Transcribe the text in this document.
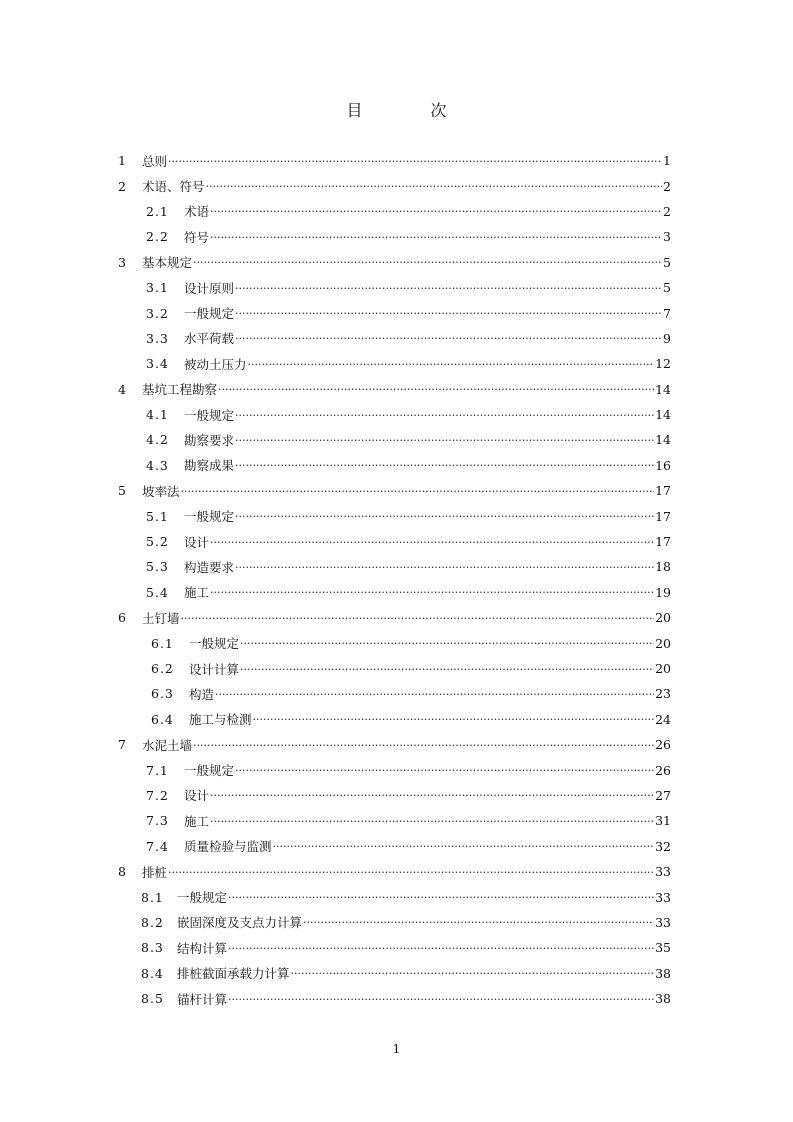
目　次
1	总则 ·····	1
2	术语、符号 ·····	2
2.1	术语 ·····	2
2.2	符号 ·····	3
3	基本规定 ·····	5
3.1	设计原则 ·····	5
3.2	一般规定 ·····	7
3.3	水平荷载 ·····	9
3.4	被动土压力 ·····	12
4	基坑工程勘察 ·····	14
4.1	一般规定 ·····	14
4.2	勘察要求 ·····	14
4.3	勘察成果 ·····	16
5	坡率法 ·····	17
5.1	一般规定 ·····	17
5.2	设计 ·····	17
5.3	构造要求 ·····	18
5.4	施工 ·····	19
6	土钉墙 ·····	20
6.1	一般规定 ·····	20
6.2	设计计算 ·····	20
6.3	构造 ·····	23
6.4	施工与检测 ·····	24
7	水泥土墙 ·····	26
7.1	一般规定 ·····	26
7.2	设计 ·····	27
7.3	施工 ·····	31
7.4	质量检验与监测 ·····	32
8	排桩 ·····	33
8.1	一般规定 ·····	33
8.2	嵌固深度及支点力计算 ·····	33
8.3	结构计算 ·····	35
8.4	排桩截面承载力计算 ·····	38
8.5	锚杆计算 ·····	38
1
